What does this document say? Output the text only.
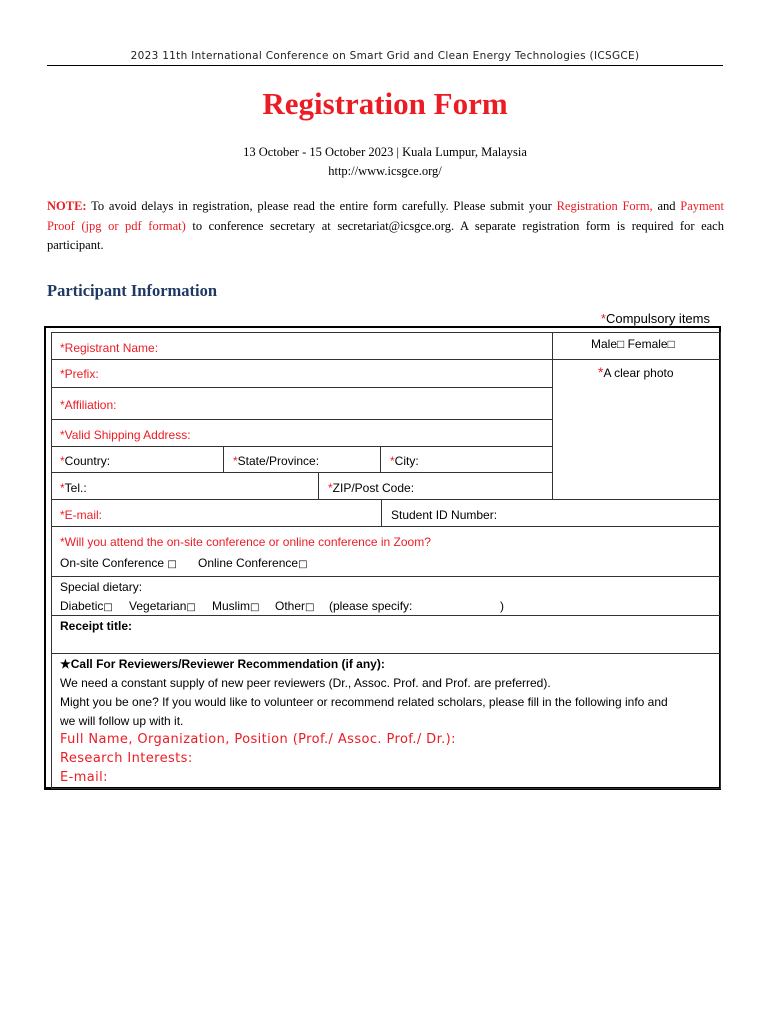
2023 11th International Conference on Smart Grid and Clean Energy Technologies (ICSGCE)
Registration Form
13 October - 15 October 2023 | Kuala Lumpur, Malaysia
http://www.icsgce.org/
NOTE: To avoid delays in registration, please read the entire form carefully. Please submit your Registration Form, and Payment Proof (jpg or pdf format) to conference secretary at secretariat@icsgce.org. A separate registration form is required for each participant.
Participant Information
*Compulsory items
*Registrant Name:	Male□ Female□
*A clear photo
*Prefix:
*Affiliation:
*Valid Shipping Address:
*Country:	*State/Province:	*City:
*Tel.:	*ZIP/Post Code:
*E-mail:	Student ID Number:
*Will you attend the on-site conference or online conference in Zoom?
On-site Conference □ Online Conference□
Special dietary:
Diabetic□ Vegetarian□ Muslim□ Other□ (please specify:	)
Receipt title:
★Call For Reviewers/Reviewer Recommendation (if any):
We need a constant supply of new peer reviewers (Dr., Assoc. Prof. and Prof. are preferred).
Might you be one? If you would like to volunteer or recommend related scholars, please fill in the following info and
we will follow up with it.
Full Name, Organization, Position (Prof./ Assoc. Prof./ Dr.):
Research Interests:
E-mail:
